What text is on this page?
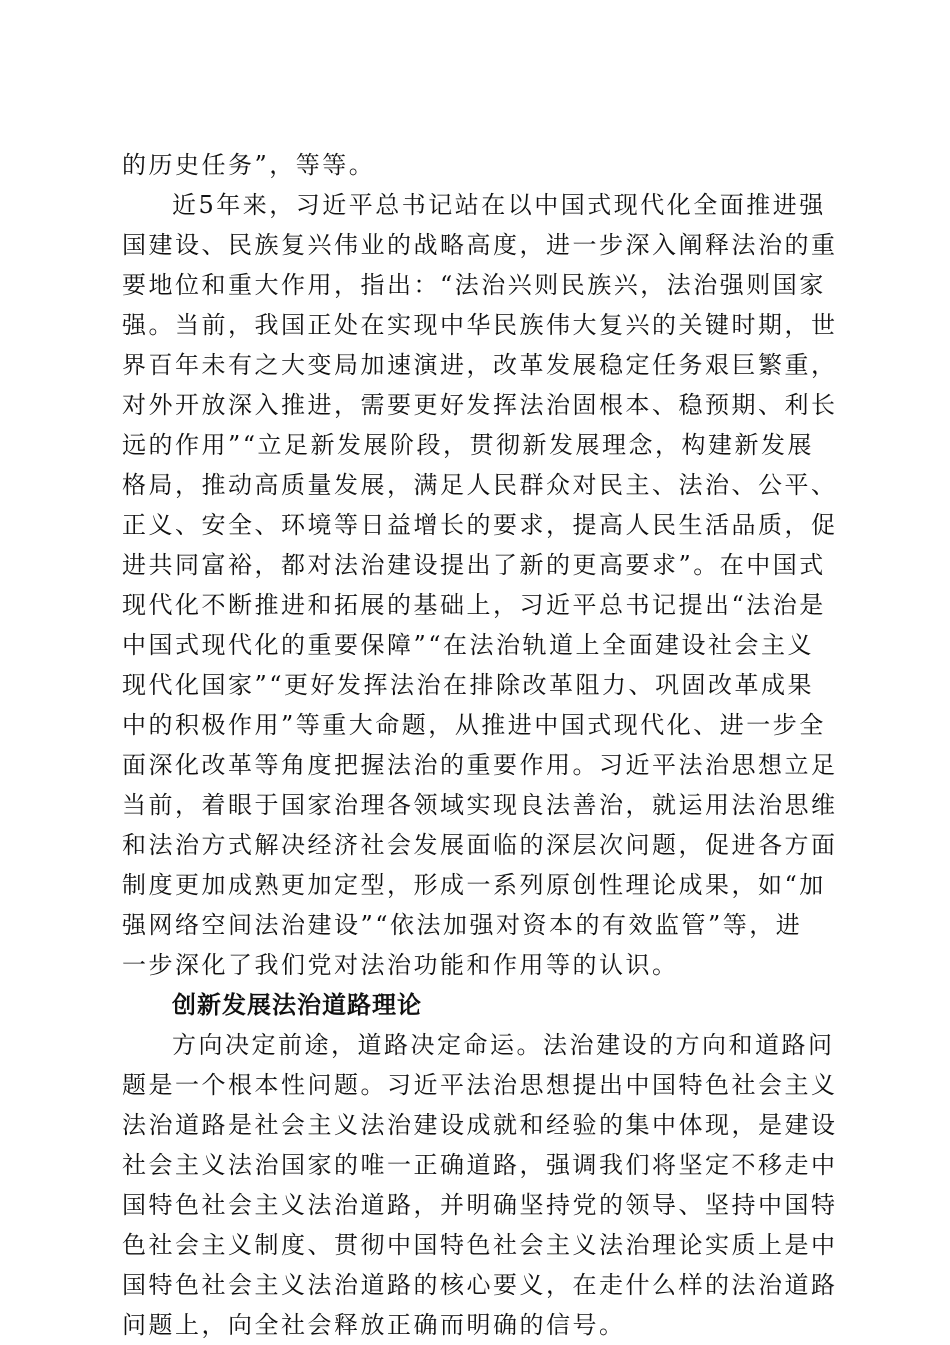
的历史任务”，等等。
近5年来，习近平总书记站在以中国式现代化全面推进强
国建设、民族复兴伟业的战略高度，进一步深入阐释法治的重
要地位和重大作用，指出：“法治兴则民族兴，法治强则国家
强。当前，我国正处在实现中华民族伟大复兴的关键时期，世
界百年未有之大变局加速演进，改革发展稳定任务艰巨繁重，
对外开放深入推进，需要更好发挥法治固根本、稳预期、利长
远的作用”“立足新发展阶段，贯彻新发展理念，构建新发展
格局，推动高质量发展，满足人民群众对民主、法治、公平、
正义、安全、环境等日益增长的要求，提高人民生活品质，促
进共同富裕，都对法治建设提出了新的更高要求”。在中国式
现代化不断推进和拓展的基础上，习近平总书记提出“法治是
中国式现代化的重要保障”“在法治轨道上全面建设社会主义
现代化国家”“更好发挥法治在排除改革阻力、巩固改革成果
中的积极作用”等重大命题，从推进中国式现代化、进一步全
面深化改革等角度把握法治的重要作用。习近平法治思想立足
当前，着眼于国家治理各领域实现良法善治，就运用法治思维
和法治方式解决经济社会发展面临的深层次问题，促进各方面
制度更加成熟更加定型，形成一系列原创性理论成果，如“加
强网络空间法治建设”“依法加强对资本的有效监管”等，进
一步深化了我们党对法治功能和作用等的认识。
创新发展法治道路理论
方向决定前途，道路决定命运。法治建设的方向和道路问
题是一个根本性问题。习近平法治思想提出中国特色社会主义
法治道路是社会主义法治建设成就和经验的集中体现，是建设
社会主义法治国家的唯一正确道路，强调我们将坚定不移走中
国特色社会主义法治道路，并明确坚持党的领导、坚持中国特
色社会主义制度、贯彻中国特色社会主义法治理论实质上是中
国特色社会主义法治道路的核心要义，在走什么样的法治道路
问题上，向全社会释放正确而明确的信号。
